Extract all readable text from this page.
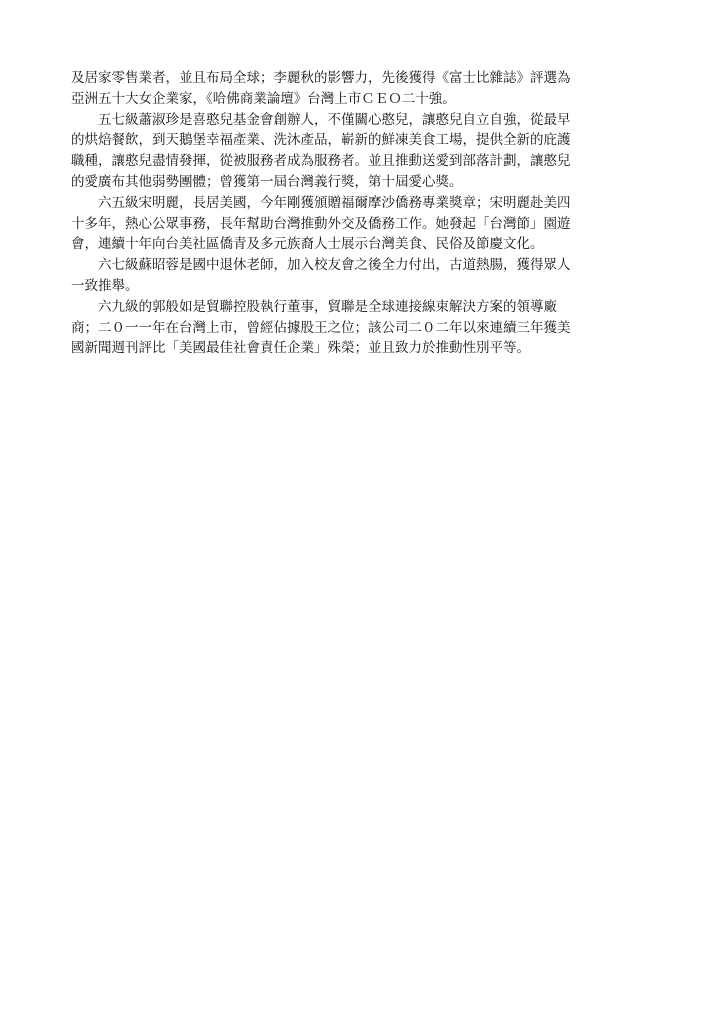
及居家零售業者，並且布局全球；李麗秋的影響力，先後獲得《富士比雜誌》評選為
亞洲五十大女企業家，《哈佛商業論壇》台灣上市ＣＥＯ二十強。
五七級蕭淑珍是喜憨兒基金會創辦人，不僅關心憨兒，讓憨兒自立自強，從最早
的烘焙餐飲，到天鵝堡幸福產業、洗沐產品，嶄新的鮮凍美食工場，提供全新的庇護
職種，讓憨兒盡情發揮，從被服務者成為服務者。並且推動送愛到部落計劃，讓憨兒
的愛廣布其他弱勢團體；曾獲第一屆台灣義行獎，第十屆愛心獎。
六五級宋明麗，長居美國，今年剛獲頒贈福爾摩沙僑務專業獎章；宋明麗赴美四
十多年，熱心公眾事務，長年幫助台灣推動外交及僑務工作。她發起「台灣節」園遊
會，連續十年向台美社區僑青及多元族裔人士展示台灣美食、民俗及節慶文化。
六七級蘇昭蓉是國中退休老師，加入校友會之後全力付出，古道熱腸，獲得眾人
一致推舉。
六九級的郭般如是貿聯控股執行董事，貿聯是全球連接線束解決方案的領導廠
商；二０一一年在台灣上市，曾經佔據股王之位；該公司二０二年以來連續三年獲美
國新聞週刊評比「美國最佳社會責任企業」殊榮；並且致力於推動性別平等。
